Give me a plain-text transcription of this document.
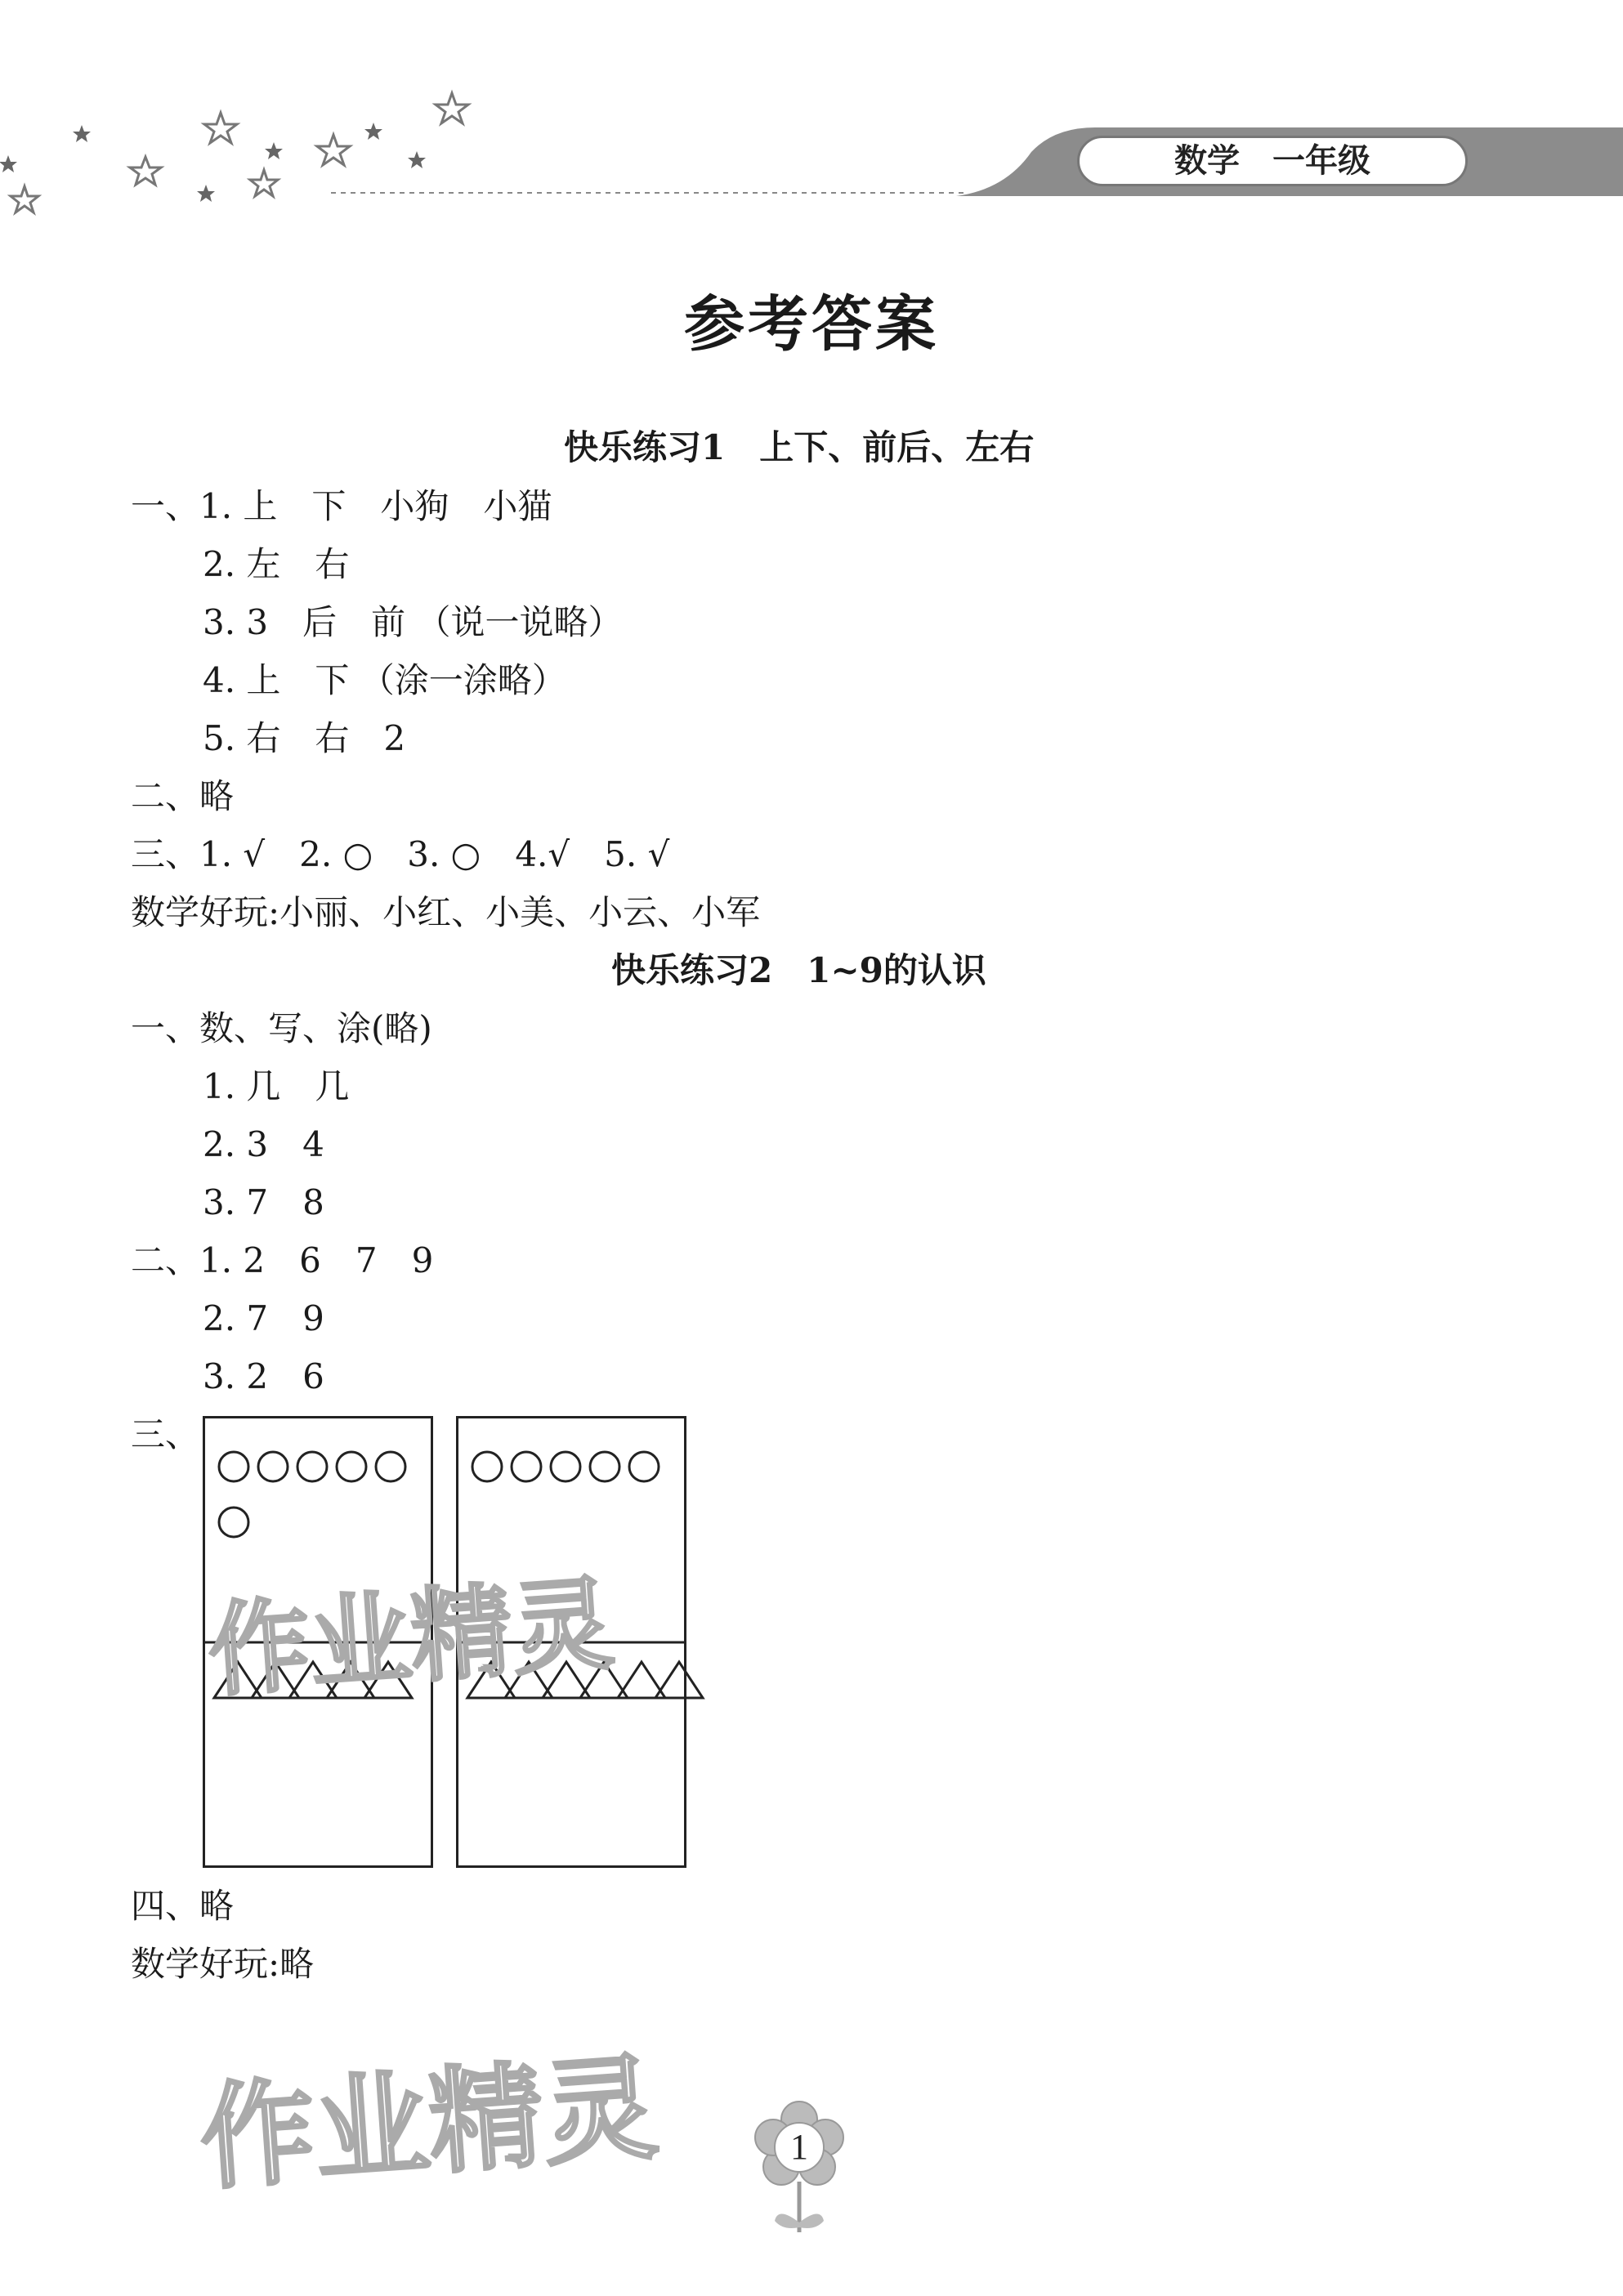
数学　一年级
参考答案
快乐练习1　上下、前后、左右
一、1. 上　下　小狗　小猫
2. 左　右
3. 3　后　前 （说一说略）
4. 上　下 （涂一涂略）
5. 右　右　2
二、略
三、1. √　2. ○　3. ○　4.√　5. √
数学好玩:小丽、小红、小美、小云、小军
快乐练习2　1~9的认识
一、数、写、涂(略)
1. 几　几
2. 3　4
3. 7　8
二、1. 2　6　7　9
2. 7　9
3. 2　6
三、
四、略
数学好玩:略
作业精灵
作业精灵	1
